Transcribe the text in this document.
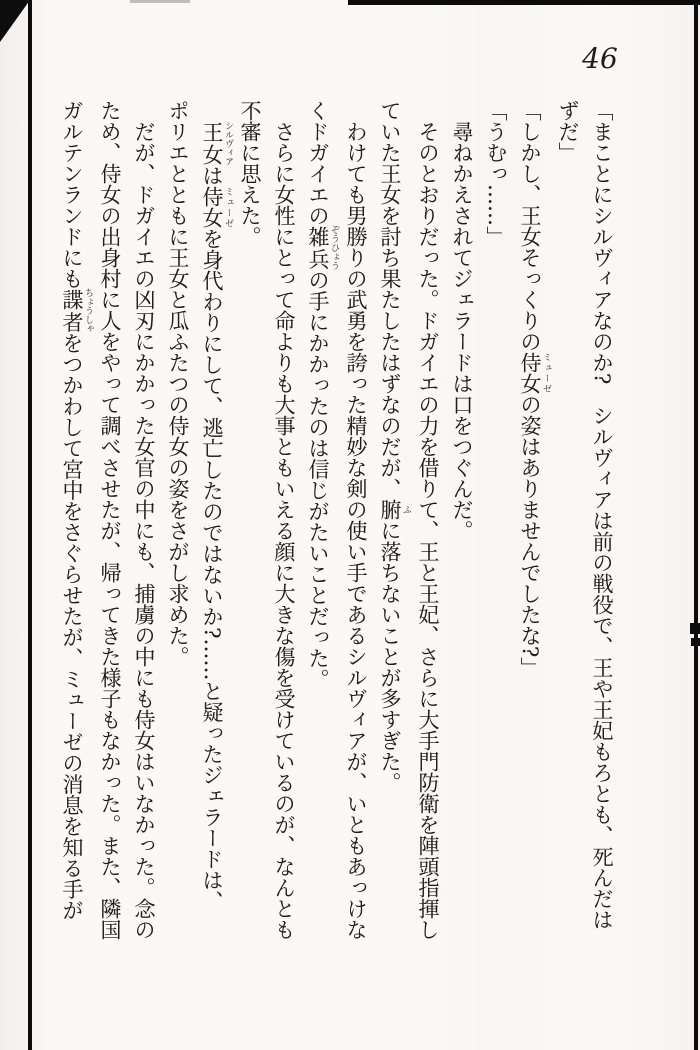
46

「まことにシルヴィアなのか?　シルヴィアは前の戦役で、王や王妃もろとも、死んだは

ずだ」

「しかし、王女そっくりの侍女 ミューゼの姿はありませんでしたな?」

「うむっ……」

尋ねかえされてジェラードは口をつぐんだ。

そのとおりだった。ドガイエの力を借りて、王と王妃、さらに大手門防衛を陣頭指揮し

ていた王女を討ち果たしたはずなのだが、腑 ふに落ちないことが多すぎた。

わけても男勝りの武勇を誇った精妙な剣の使い手であるシルヴィアが、いともあっけな

くドガイエの雑兵 ぞうひょうの手にかかったのは信じがたいことだった。

さらに女性にとって命よりも大事ともいえる顔に大きな傷を受けているのが、なんとも

不審に思えた。

王女 シルヴィアは侍女 ミューゼを身代わりにして、逃亡したのではないか?……と疑ったジェラードは、

ポリエとともに王女と瓜ふたつの侍女の姿をさがし求めた。

だが、ドガイエの凶刃にかかった女官の中にも、捕虜の中にも侍女はいなかった。念の

ため、侍女の出身村に人をやって調べさせたが、帰ってきた様子もなかった。また、隣国

ガルテンランドにも諜者 ちょうしゃをつかわして宮中をさぐらせたが、ミューゼの消息を知る手が
